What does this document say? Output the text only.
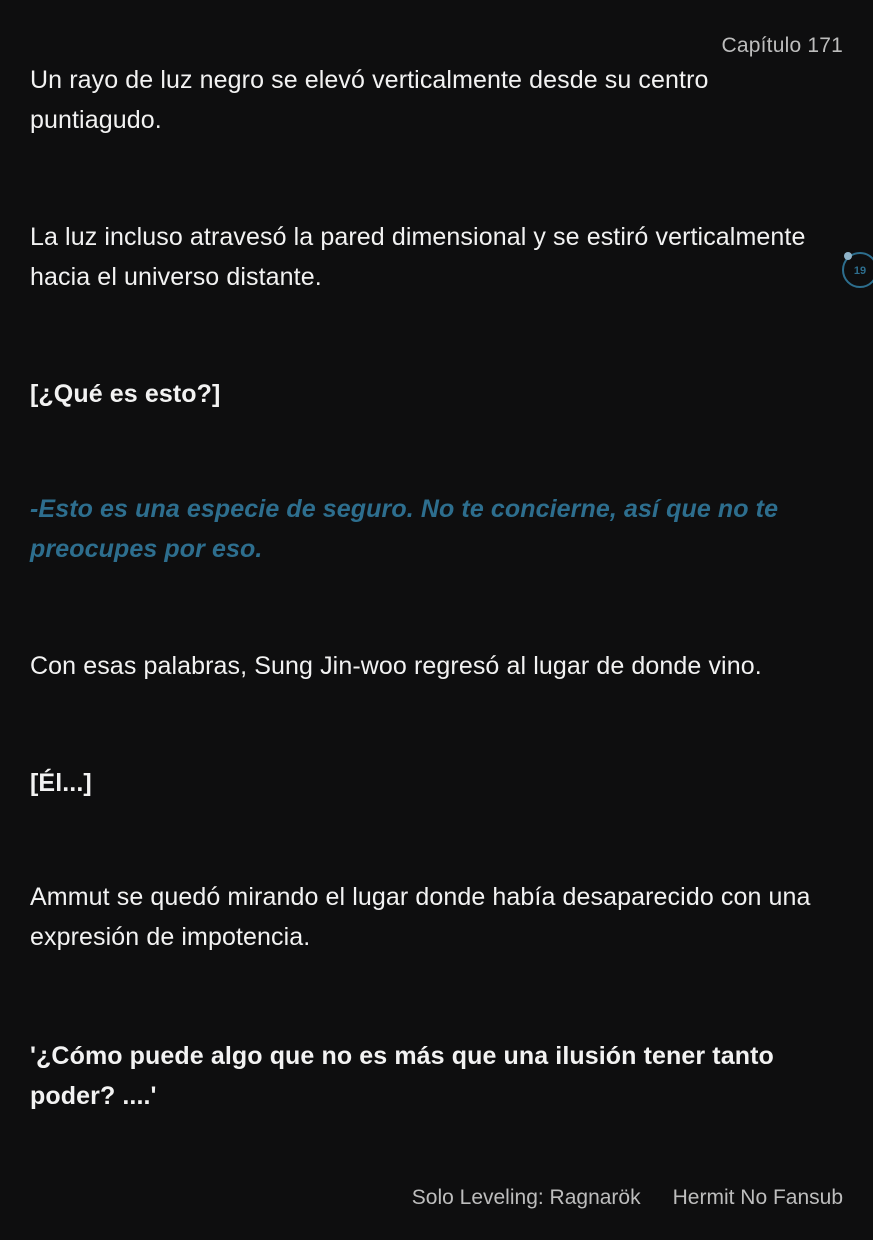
Capítulo 171

Un rayo de luz negro se elevó verticalmente desde su centro puntiagudo.

La luz incluso atravesó la pared dimensional y se estiró verticalmente hacia el universo distante.

[¿Qué es esto?]

-Esto es una especie de seguro. No te concierne, así que no te preocupes por eso.

Con esas palabras, Sung Jin-woo regresó al lugar de donde vino.

[Él...]

Ammut se quedó mirando el lugar donde había desaparecido con una expresión de impotencia.

'¿Cómo puede algo que no es más que una ilusión tener tanto poder? ....'

19
Solo Leveling: Ragnarök Hermit No Fansub
